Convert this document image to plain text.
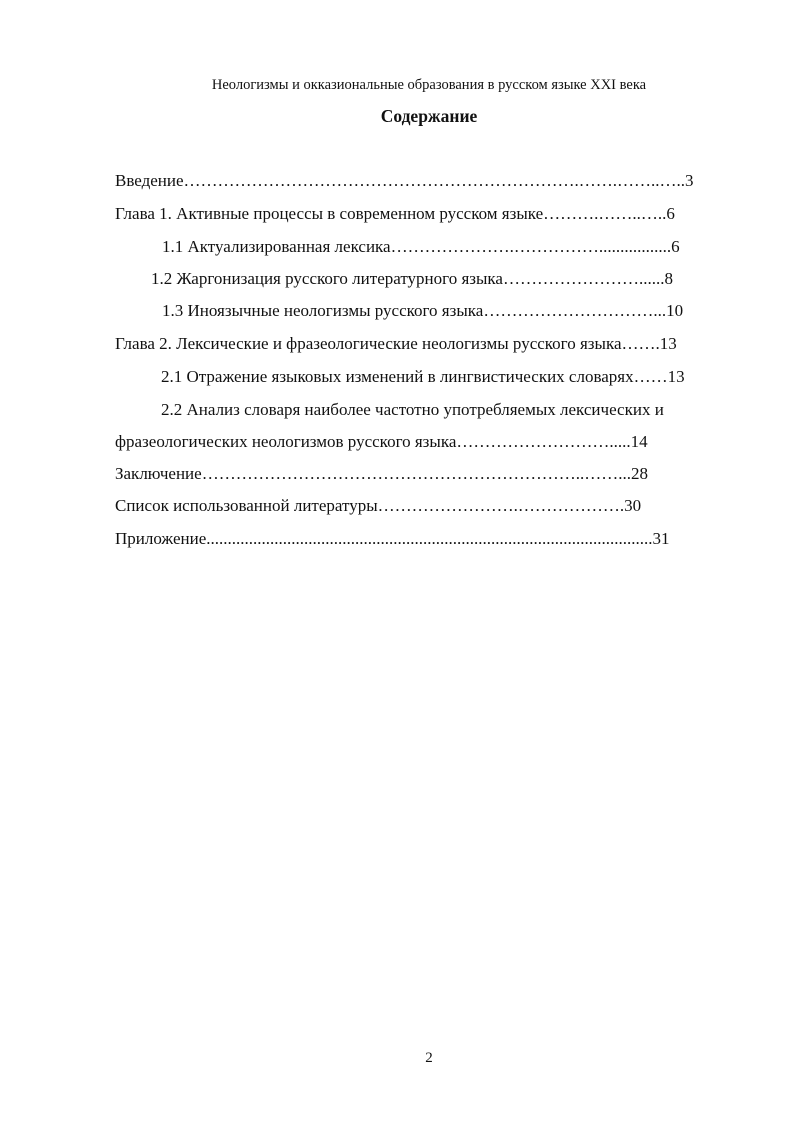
Неологизмы и окказиональные образования в русском языке XXI века
Содержание
Введение…………………………………………………………….…….……..…..3
Глава 1. Активные процессы в современном русском языке……….……..…..6
1.1 Актуализированная лексика………………….…………….................6
1.2 Жаргонизация русского литературного языка……………………......8
1.3 Иноязычные неологизмы русского языка…………………………...10
Глава 2. Лексические и фразеологические неологизмы русского языка…….13
2.1 Отражение языковых изменений в лингвистических словарях……13
2.2 Анализ словаря наиболее частотно употребляемых лексических и
фразеологических неологизмов русского языка……………………….....14
Заключение…………………………………………………………..……...28
Список использованной литературы…………………….……………….30
Приложение.........................................................................................................31
2
